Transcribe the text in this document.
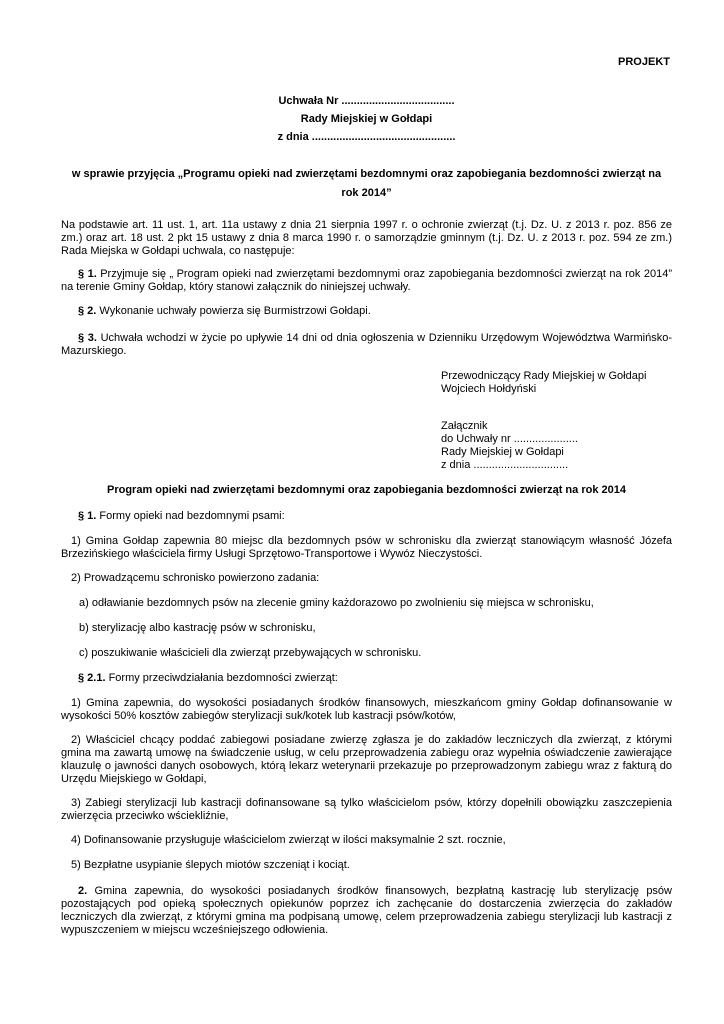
PROJEKT
Uchwała Nr .....................................
Rady Miejskiej w Gołdapi
z dnia ...............................................
w sprawie przyjęcia „Programu opieki nad zwierzętami bezdomnymi oraz zapobiegania bezdomności zwierząt na
rok 2014”
Na podstawie art. 11 ust. 1, art. 11a ustawy z dnia 21 sierpnia 1997 r. o ochronie zwierząt (t.j. Dz. U. z 2013 r. poz. 856 ze zm.) oraz art. 18 ust. 2 pkt 15 ustawy z dnia 8 marca 1990 r. o samorządzie gminnym (t.j. Dz. U. z 2013 r. poz. 594 ze zm.) Rada Miejska w Gołdapi uchwala, co następuje:
§ 1. Przyjmuje się „ Program opieki nad zwierzętami bezdomnymi oraz zapobiegania bezdomności zwierząt na rok 2014” na terenie Gminy Gołdap, który stanowi załącznik do niniejszej uchwały.
§ 2. Wykonanie uchwały powierza się Burmistrzowi Gołdapi.
§ 3. Uchwała wchodzi w życie po upływie 14 dni od dnia ogłoszenia w Dzienniku Urzędowym Województwa Warmińsko-Mazurskiego.
Przewodniczący Rady Miejskiej w Gołdapi
Wojciech Hołdyński
Załącznik
do Uchwały nr .....................
Rady Miejskiej w Gołdapi
z dnia ...............................
Program opieki nad zwierzętami bezdomnymi oraz zapobiegania bezdomności zwierząt na rok 2014
§ 1. Formy opieki nad bezdomnymi psami:
1) Gmina Gołdap zapewnia 80 miejsc dla bezdomnych psów w schronisku dla zwierząt stanowiącym własność Józefa Brzezińskiego właściciela firmy Usługi Sprzętowo-Transportowe i Wywóz Nieczystości.
2) Prowadzącemu schronisko powierzono zadania:
a) odławianie bezdomnych psów na zlecenie gminy każdorazowo po zwolnieniu się miejsca w schronisku,
b) sterylizację albo kastrację psów w schronisku,
c) poszukiwanie właścicieli dla zwierząt przebywających w schronisku.
§ 2.1. Formy przeciwdziałania bezdomności zwierząt:
1) Gmina zapewnia, do wysokości posiadanych środków finansowych, mieszkańcom gminy Gołdap dofinansowanie w wysokości 50% kosztów zabiegów sterylizacji suk/kotek lub kastracji psów/kotów,
2) Właściciel chcący poddać zabiegowi posiadane zwierzę zgłasza je do zakładów leczniczych dla zwierząt, z którymi gmina ma zawartą umowę na świadczenie usług, w celu przeprowadzenia zabiegu oraz wypełnia oświadczenie zawierające klauzulę o jawności danych osobowych, którą lekarz weterynarii przekazuje po przeprowadzonym zabiegu wraz z fakturą do Urzędu Miejskiego w Gołdapi,
3) Zabiegi sterylizacji lub kastracji dofinansowane są tylko właścicielom psów, którzy dopełnili obowiązku zaszczepienia zwierzęcia przeciwko wściekliźnie,
4) Dofinansowanie przysługuje właścicielom zwierząt w ilości maksymalnie 2 szt. rocznie,
5) Bezpłatne usypianie ślepych miotów szczeniąt i kociąt.
2. Gmina zapewnia, do wysokości posiadanych środków finansowych, bezpłatną kastrację lub sterylizację psów pozostających pod opieką społecznych opiekunów poprzez ich zachęcanie do dostarczenia zwierzęcia do zakładów leczniczych dla zwierząt, z którymi gmina ma podpisaną umowę, celem przeprowadzenia zabiegu sterylizacji lub kastracji z wypuszczeniem w miejscu wcześniejszego odłowienia.
